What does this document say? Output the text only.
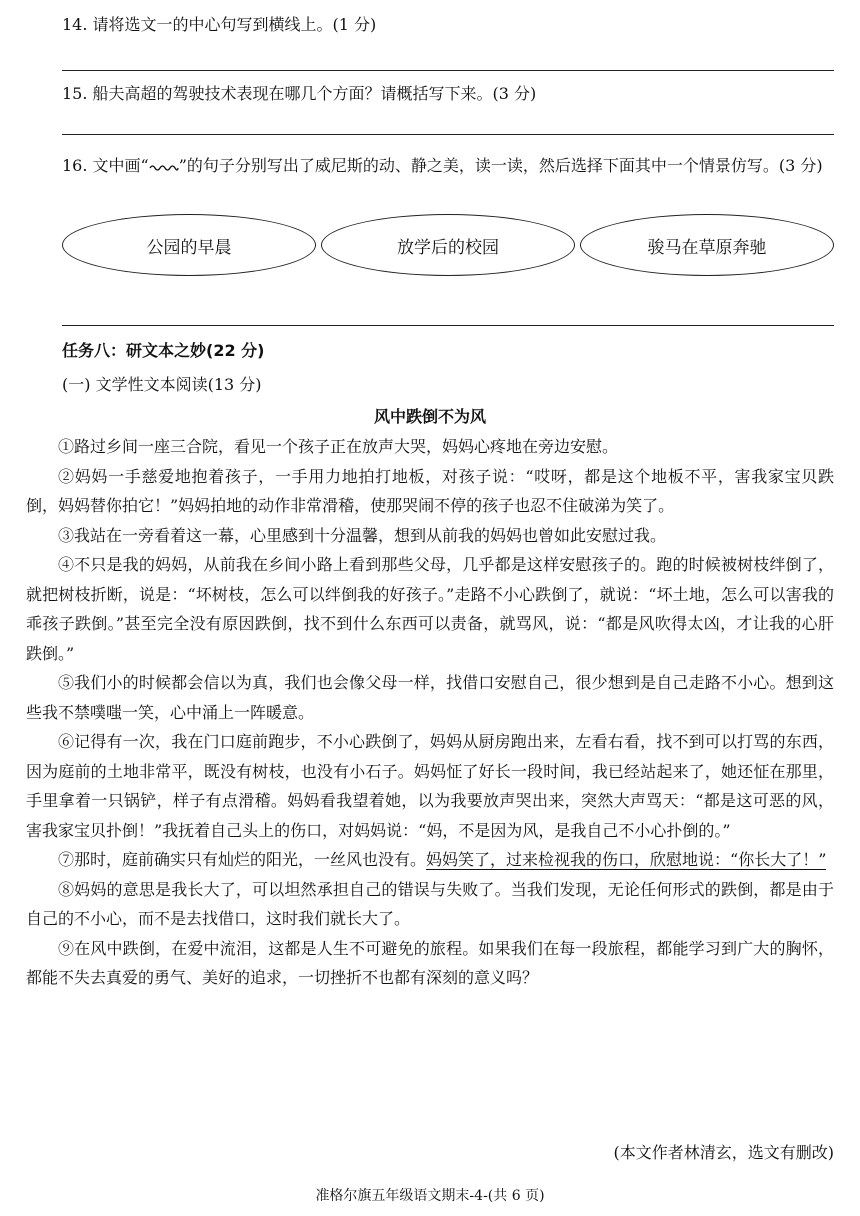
14. 请将选文一的中心句写到横线上。(1 分)
15. 船夫高超的驾驶技术表现在哪几个方面？请概括写下来。(3 分)
16. 文中画“ ”的句子分别写出了威尼斯的动、静之美，读一读，然后选择下面其中一个情景仿写。(3 分)
公园的早晨	放学后的校园	骏马在草原奔驰
任务八：研文本之妙(22 分)
(一) 文学性文本阅读(13 分)
风中跌倒不为风

①路过乡间一座三合院，看见一个孩子正在放声大哭，妈妈心疼地在旁边安慰。

②妈妈一手慈爱地抱着孩子，一手用力地拍打地板，对孩子说：“哎呀，都是这个地板不平，害我家宝贝跌倒，妈妈替你拍它！”妈妈拍地的动作非常滑稽，使那哭闹不停的孩子也忍不住破涕为笑了。

③我站在一旁看着这一幕，心里感到十分温馨，想到从前我的妈妈也曾如此安慰过我。

④不只是我的妈妈，从前我在乡间小路上看到那些父母，几乎都是这样安慰孩子的。跑的时候被树枝绊倒了，就把树枝折断，说是：“坏树枝，怎么可以绊倒我的好孩子。”走路不小心跌倒了，就说：“坏土地，怎么可以害我的乖孩子跌倒。”甚至完全没有原因跌倒，找不到什么东西可以责备，就骂风，说：“都是风吹得太凶，才让我的心肝跌倒。”

⑤我们小的时候都会信以为真，我们也会像父母一样，找借口安慰自己，很少想到是自己走路不小心。想到这些我不禁噗嗤一笑，心中涌上一阵暖意。

⑥记得有一次，我在门口庭前跑步，不小心跌倒了，妈妈从厨房跑出来，左看右看，找不到可以打骂的东西，因为庭前的土地非常平，既没有树枝，也没有小石子。妈妈怔了好长一段时间，我已经站起来了，她还怔在那里，手里拿着一只锅铲，样子有点滑稽。妈妈看我望着她，以为我要放声哭出来，突然大声骂天：“都是这可恶的风，害我家宝贝扑倒！”我抚着自己头上的伤口，对妈妈说：“妈，不是因为风，是我自己不小心扑倒的。”

⑦那时，庭前确实只有灿烂的阳光，一丝风也没有。妈妈笑了，过来检视我的伤口，欣慰地说：“你长大了！”

⑧妈妈的意思是我长大了，可以坦然承担自己的错误与失败了。当我们发现，无论任何形式的跌倒，都是由于自己的不小心，而不是去找借口，这时我们就长大了。

⑨在风中跌倒，在爱中流泪，这都是人生不可避免的旅程。如果我们在每一段旅程，都能学习到广大的胸怀，都能不失去真爱的勇气、美好的追求，一切挫折不也都有深刻的意义吗？

(本文作者林清玄，选文有删改)
准格尔旗五年级语文期末-4-(共 6 页)
